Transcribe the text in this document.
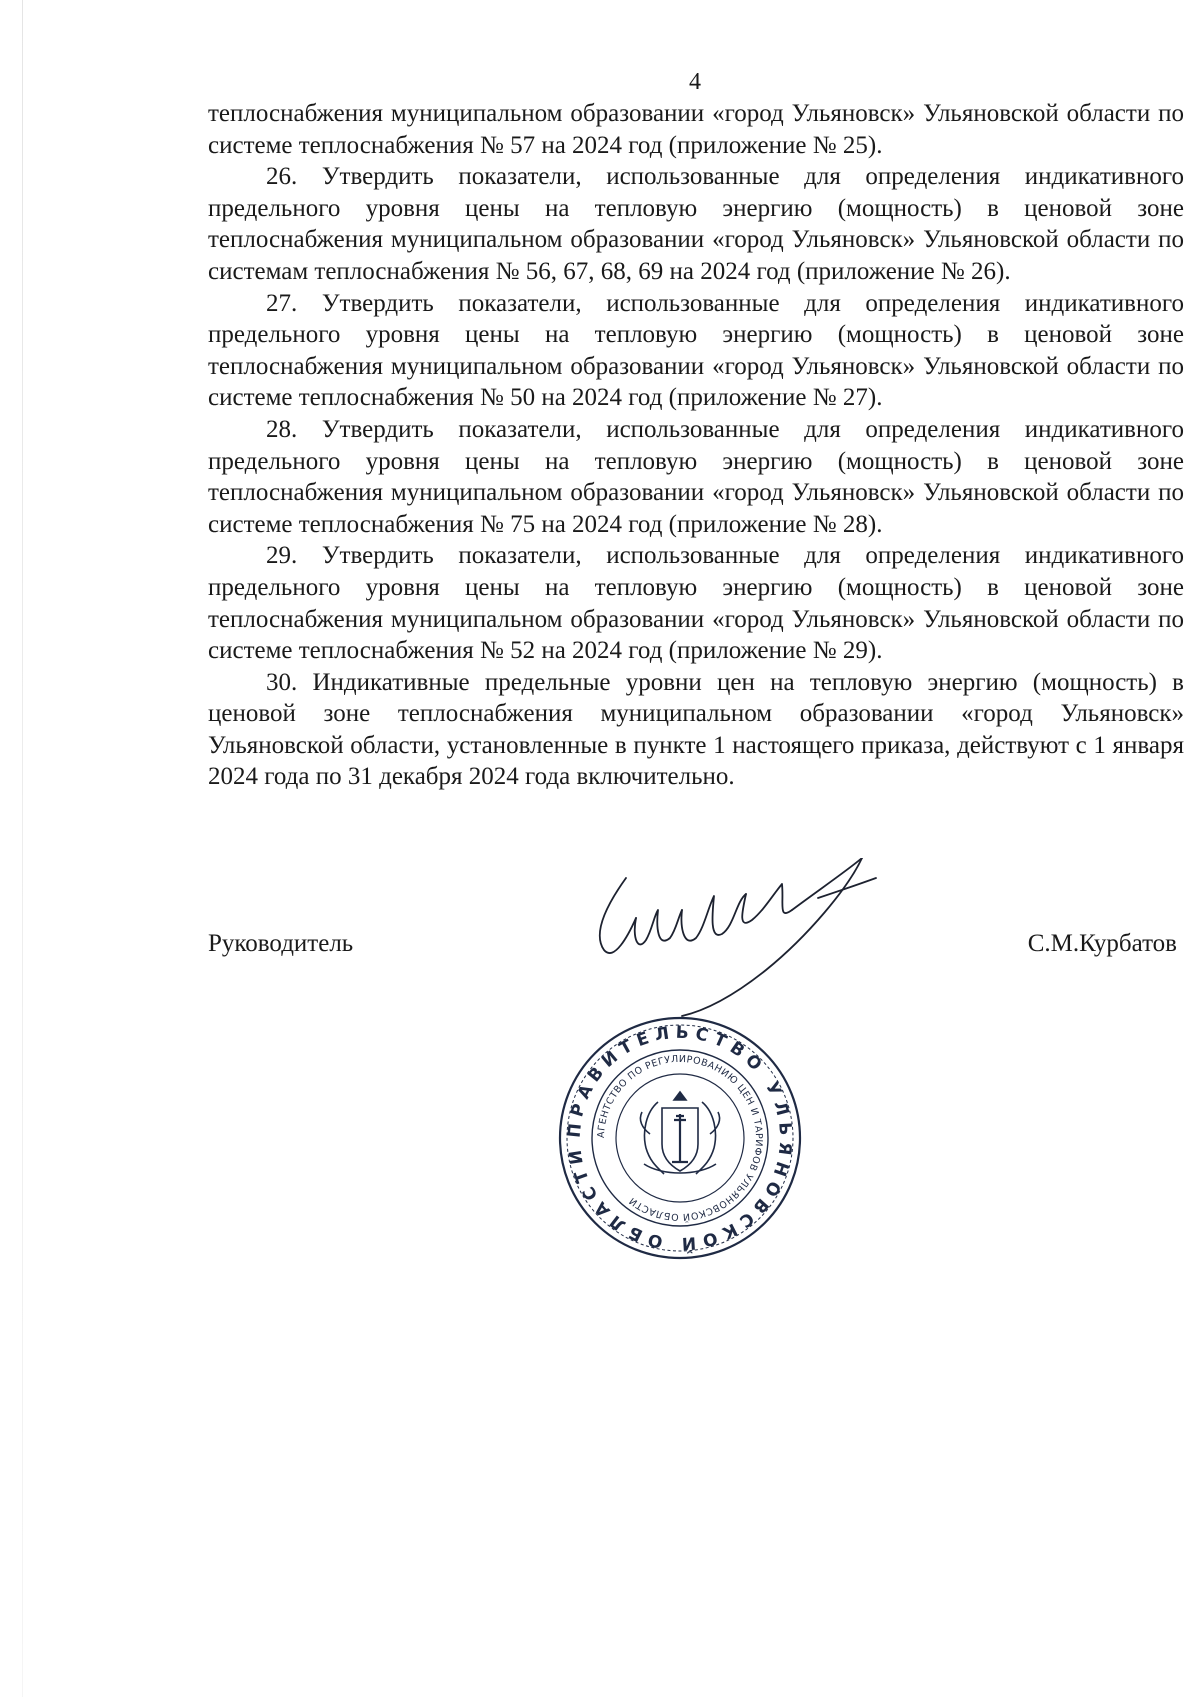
4

теплоснабжения муниципальном образовании «город Ульяновск» Ульяновской области по системе теплоснабжения № 57 на 2024 год (приложение № 25).

26. Утвердить показатели, использованные для определения индикативного предельного уровня цены на тепловую энергию (мощность) в ценовой зоне теплоснабжения муниципальном образовании «город Ульяновск» Ульяновской области по системам теплоснабжения № 56, 67, 68, 69 на 2024 год (приложение № 26).

27. Утвердить показатели, использованные для определения индикативного предельного уровня цены на тепловую энергию (мощность) в ценовой зоне теплоснабжения муниципальном образовании «город Ульяновск» Ульяновской области по системе теплоснабжения № 50 на 2024 год (приложение № 27).

28. Утвердить показатели, использованные для определения индикативного предельного уровня цены на тепловую энергию (мощность) в ценовой зоне теплоснабжения муниципальном образовании «город Ульяновск» Ульяновской области по системе теплоснабжения № 75 на 2024 год (приложение № 28).

29. Утвердить показатели, использованные для определения индикативного предельного уровня цены на тепловую энергию (мощность) в ценовой зоне теплоснабжения муниципальном образовании «город Ульяновск» Ульяновской области по системе теплоснабжения № 52 на 2024 год (приложение № 29).

30. Индикативные предельные уровни цен на тепловую энергию (мощность) в ценовой зоне теплоснабжения муниципальном образовании «город Ульяновск» Ульяновской области, установленные в пункте 1 настоящего приказа, действуют с 1 января 2024 года по 31 декабря 2024 года включительно.

Руководитель	С.М.Курбатов
ПРАВИТЕЛЬСТВО УЛЬЯНОВСКОЙ ОБЛАСТИ
АГЕНТСТВО ПО РЕГУЛИРОВАНИЮ ЦЕН И ТАРИФОВ УЛЬЯНОВСКОЙ ОБЛАСТИ
